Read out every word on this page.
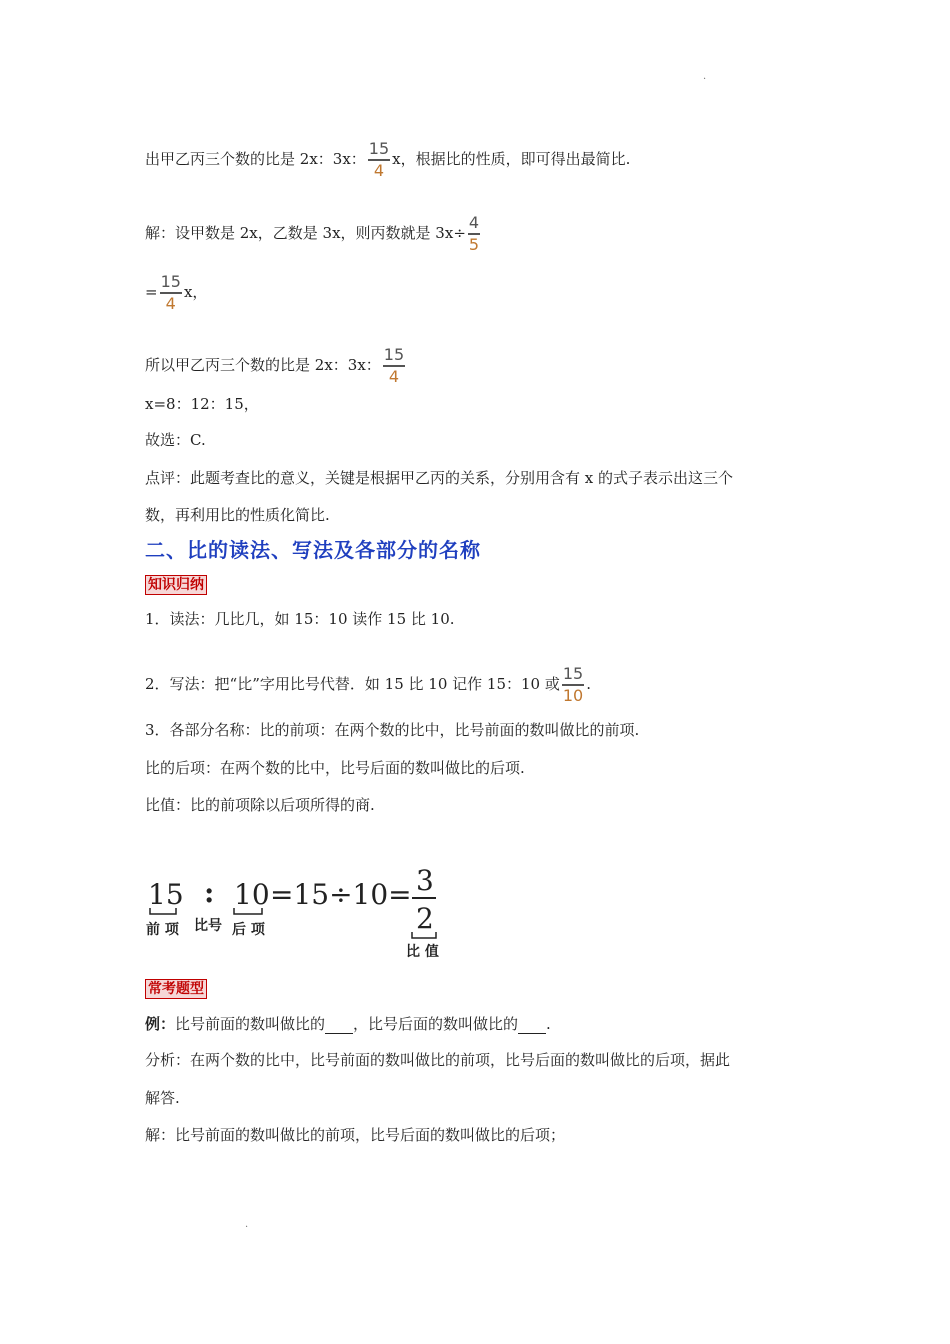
·
出甲乙丙三个数的比是 2x：3x： $\frac{15}{4}$ x，根据比的性质，即可得出最简比.
解：设甲数是 2x，乙数是 3x，则丙数就是 $3x\div \frac{4}{5}$
= $\frac{15}{4}$ x，
所以甲乙丙三个数的比是 2x：3x： $\frac{15}{4}$
x=8：12：15，
故选：C.
点评：此题考查比的意义，关键是根据甲乙丙的关系，分别用含有 x 的式子表示出这三个
数，再利用比的性质化简比.
二、比的读法、写法及各部分的名称
知识归纳
1．读法：几比几，如 15：10 读作 15 比 10.
2．写法：把“比”字用比号代替．如 15 比 10 记作 15：10 或 $\frac{15}{10}$ .
3．各部分名称：比的前项：在两个数的比中，比号前面的数叫做比的前项.
比的后项：在两个数的比中，比号后面的数叫做比的后项.
比值：比的前项除以后项所得的商.
15 : 10 =15÷10= 3
2
前 项 比号 后 项
比 值
常考题型
例：比号前面的数叫做比的 ，比号后面的数叫做比的 .
分析：在两个数的比中，比号前面的数叫做比的前项，比号后面的数叫做比的后项，据此
解答.
解：比号前面的数叫做比的前项，比号后面的数叫做比的后项；
·
